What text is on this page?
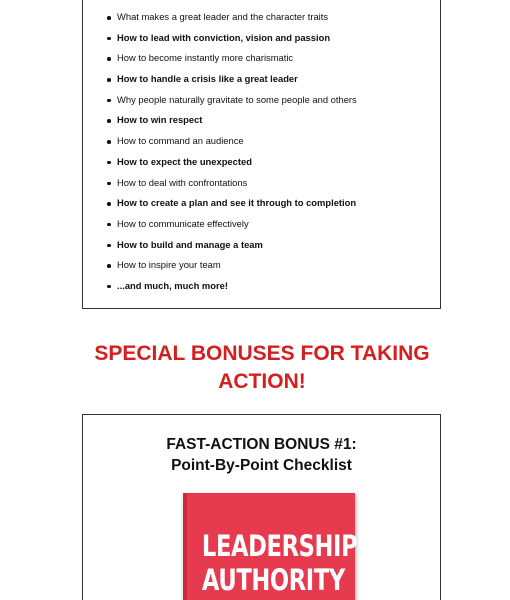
What makes a great leader and the character traits
How to lead with conviction, vision and passion
How to become instantly more charismatic
How to handle a crisis like a great leader
Why people naturally gravitate to some people and others
How to win respect
How to command an audience
How to expect the unexpected
How to deal with confrontations
How to create a plan and see it through to completion
How to communicate effectively
How to build and manage a team
How to inspire your team
...and much, much more!
SPECIAL BONUSES FOR TAKING
ACTION!
FAST-ACTION BONUS #1:
Point-By-Point Checklist
LEADERSHIP
AUTHORITY
